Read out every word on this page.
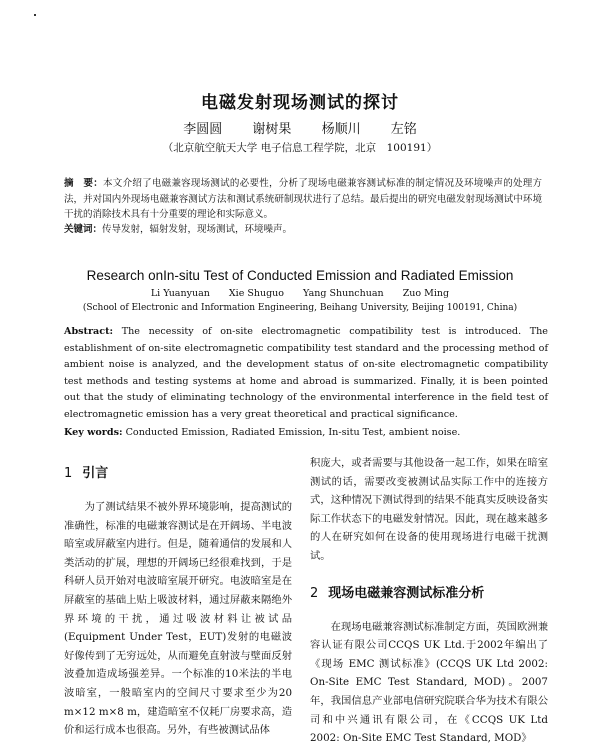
电磁发射现场测试的探讨
李圆圆 谢树果 杨顺川 左铭
（北京航空航天大学 电子信息工程学院，北京　100191）
摘　要：本文介绍了电磁兼容现场测试的必要性，分析了现场电磁兼容测试标准的制定情况及环境噪声的处理方法，并对国内外现场电磁兼容测试方法和测试系统研制现状进行了总结。最后提出的研究电磁发射现场测试中环境干扰的消除技术具有十分重要的理论和实际意义。
关键词：传导发射，辐射发射，现场测试，环境噪声。
Research onIn-situ Test of Conducted Emission and Radiated Emission
Li Yuanyuan Xie Shuguo Yang Shunchuan Zuo Ming
(School of Electronic and Information Engineering, Beihang University, Beijing 100191, China)
Abstract: The necessity of on-site electromagnetic compatibility test is introduced. The establishment of on-site electromagnetic compatibility test standard and the processing method of ambient noise is analyzed, and the development status of on-site electromagnetic compatibility test methods and testing systems at home and abroad is summarized. Finally, it is been pointed out that the study of eliminating technology of the environmental interference in the field test of electromagnetic emission has a very great theoretical and practical significance.
Key words: Conducted Emission, Radiated Emission, In-situ Test, ambient noise.
1 引言

为了测试结果不被外界环境影响，提高测试的准确性，标准的电磁兼容测试是在开阔场、半电波暗室或屏蔽室内进行。但是，随着通信的发展和人类活动的扩展，理想的开阔场已经很难找到，于是科研人员开始对电波暗室展开研究。电波暗室是在屏蔽室的基础上贴上吸波材料，通过屏蔽来隔绝外界环境的干扰，通过吸波材料让被试品(Equipment Under Test，EUT)发射的电磁波好像传到了无穷远处，从而避免直射波与壁面反射波叠加造成场强差异。一个标准的10米法的半电波暗室，一般暗室内的空间尺寸要求至少为20 m×12 m×8 m，建造暗室不仅耗厂房要求高，造价和运行成本也很高。另外，有些被测试品体

积庞大，或者需要与其他设备一起工作，如果在暗室测试的话，需要改变被测试品实际工作中的连接方式，这种情况下测试得到的结果不能真实反映设备实际工作状态下的电磁发射情况。因此，现在越来越多的人在研究如何在设备的使用现场进行电磁干扰测试。

2 现场电磁兼容测试标准分析

在现场电磁兼容测试标准制定方面，英国欧洲兼容认证有限公司CCQS UK Ltd.于2002年编出了《现场 EMC 测试标准》(CCQS UK Ltd 2002: On-Site EMC Test Standard, MOD)。2007年，我国信息产业部电信研究院联合华为技术有限公司和中兴通讯有限公司，在《CCQS UK Ltd 2002: On-Site EMC Test Standard, MOD》
